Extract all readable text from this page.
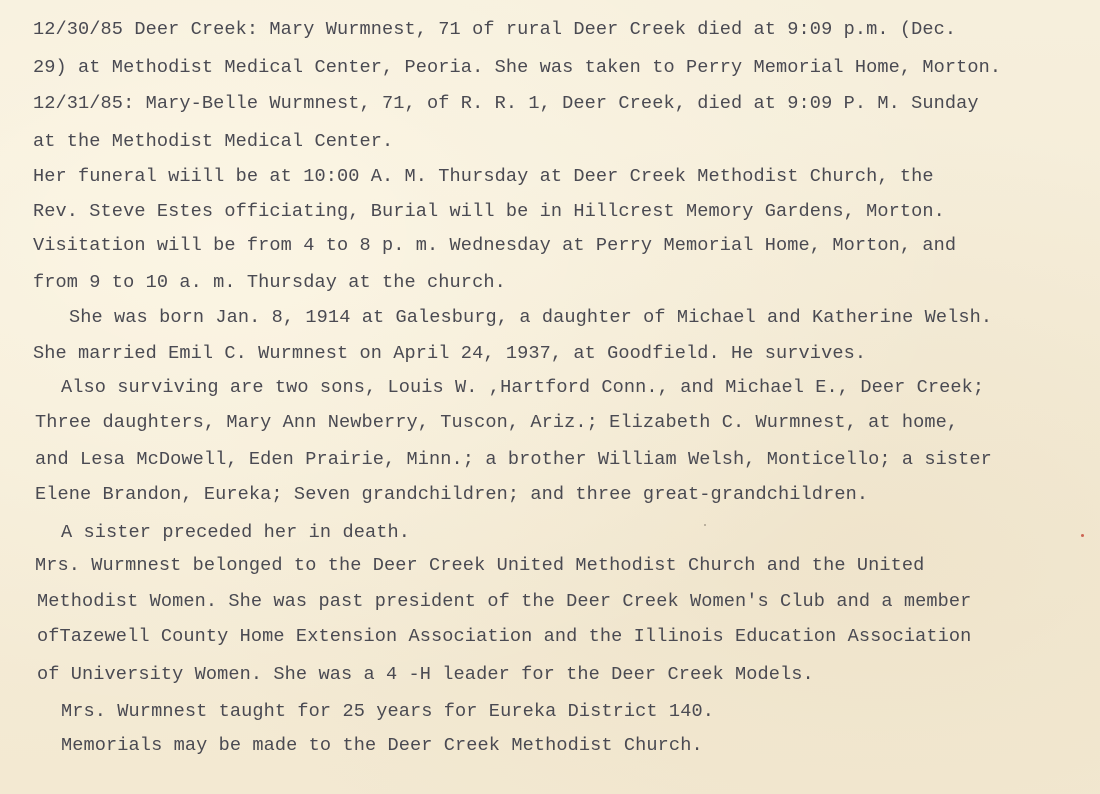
12/30/85 Deer Creek: Mary Wurmnest, 71 of rural Deer Creek died at 9:09 p.m. (Dec.
29) at Methodist Medical Center, Peoria. She was taken to Perry Memorial Home, Morton.
12/31/85: Mary-Belle Wurmnest, 71, of R. R. 1, Deer Creek, died at 9:09 P. M. Sunday
at the Methodist Medical Center.
Her funeral wiill be at 10:00 A. M. Thursday at Deer Creek Methodist Church, the
Rev. Steve Estes officiating, Burial will be in Hillcrest Memory Gardens, Morton.
Visitation will be from 4 to 8 p. m. Wednesday at Perry Memorial Home, Morton, and
from 9 to 10 a. m. Thursday at the church.
She was born Jan. 8, 1914 at Galesburg, a daughter of Michael and Katherine Welsh.
She married Emil C. Wurmnest on April 24, 1937, at Goodfield. He survives.
Also surviving are two sons, Louis W. ,Hartford Conn., and Michael E., Deer Creek;
Three daughters, Mary Ann Newberry, Tuscon, Ariz.; Elizabeth C. Wurmnest, at home,
and Lesa McDowell, Eden Prairie, Minn.; a brother William Welsh, Monticello; a sister
Elene Brandon, Eureka; Seven grandchildren; and three great-grandchildren.
A sister preceded her in death.
Mrs. Wurmnest belonged to the Deer Creek United Methodist Church and the United
Methodist Women. She was past president of the Deer Creek Women's Club and a member
ofTazewell County Home Extension Association and the Illinois Education Association
of University Women. She was a 4 -H leader for the Deer Creek Models.
Mrs. Wurmnest taught for 25 years for Eureka District 140.
Memorials may be made to the Deer Creek Methodist Church.
